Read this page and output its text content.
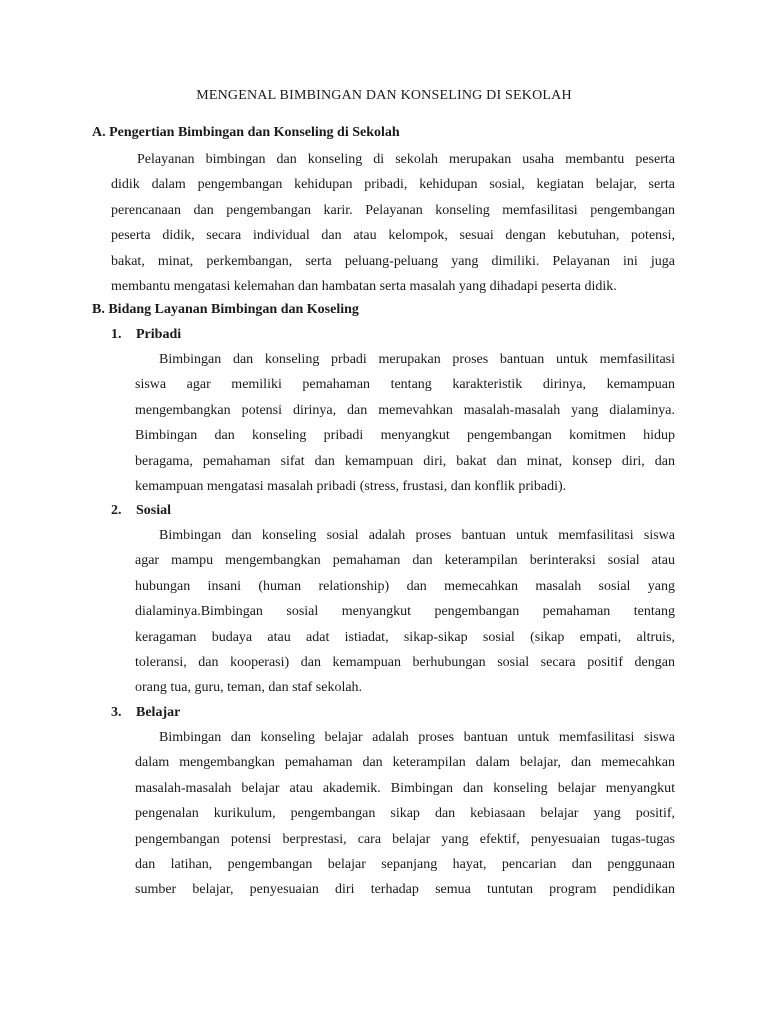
MENGENAL BIMBINGAN DAN KONSELING DI SEKOLAH
A. Pengertian Bimbingan dan Konseling di Sekolah
Pelayanan bimbingan dan konseling di sekolah merupakan usaha membantu peserta
didik dalam pengembangan kehidupan pribadi, kehidupan sosial, kegiatan belajar, serta
perencanaan dan pengembangan karir. Pelayanan konseling memfasilitasi pengembangan
peserta didik, secara individual dan atau kelompok, sesuai dengan kebutuhan, potensi,
bakat, minat, perkembangan, serta peluang-peluang yang dimiliki. Pelayanan ini juga
membantu mengatasi kelemahan dan hambatan serta masalah yang dihadapi peserta didik.
B. Bidang Layanan Bimbingan dan Koseling
1. Pribadi
Bimbingan dan konseling prbadi merupakan proses bantuan untuk memfasilitasi
siswa agar memiliki pemahaman tentang karakteristik dirinya, kemampuan
mengembangkan potensi dirinya, dan memevahkan masalah-masalah yang dialaminya.
Bimbingan dan konseling pribadi menyangkut pengembangan komitmen hidup
beragama, pemahaman sifat dan kemampuan diri, bakat dan minat, konsep diri, dan
kemampuan mengatasi masalah pribadi (stress, frustasi, dan konflik pribadi).
2. Sosial
Bimbingan dan konseling sosial adalah proses bantuan untuk memfasilitasi siswa
agar mampu mengembangkan pemahaman dan keterampilan berinteraksi sosial atau
hubungan insani (human relationship) dan memecahkan masalah sosial yang
dialaminya.Bimbingan sosial menyangkut pengembangan pemahaman tentang
keragaman budaya atau adat istiadat, sikap-sikap sosial (sikap empati, altruis,
toleransi, dan kooperasi) dan kemampuan berhubungan sosial secara positif dengan
orang tua, guru, teman, dan staf sekolah.
3. Belajar
Bimbingan dan konseling belajar adalah proses bantuan untuk memfasilitasi siswa
dalam mengembangkan pemahaman dan keterampilan dalam belajar, dan memecahkan
masalah-masalah belajar atau akademik. Bimbingan dan konseling belajar menyangkut
pengenalan kurikulum, pengembangan sikap dan kebiasaan belajar yang positif,
pengembangan potensi berprestasi, cara belajar yang efektif, penyesuaian tugas-tugas
dan latihan, pengembangan belajar sepanjang hayat, pencarian dan penggunaan
sumber belajar, penyesuaian diri terhadap semua tuntutan program pendidikan
